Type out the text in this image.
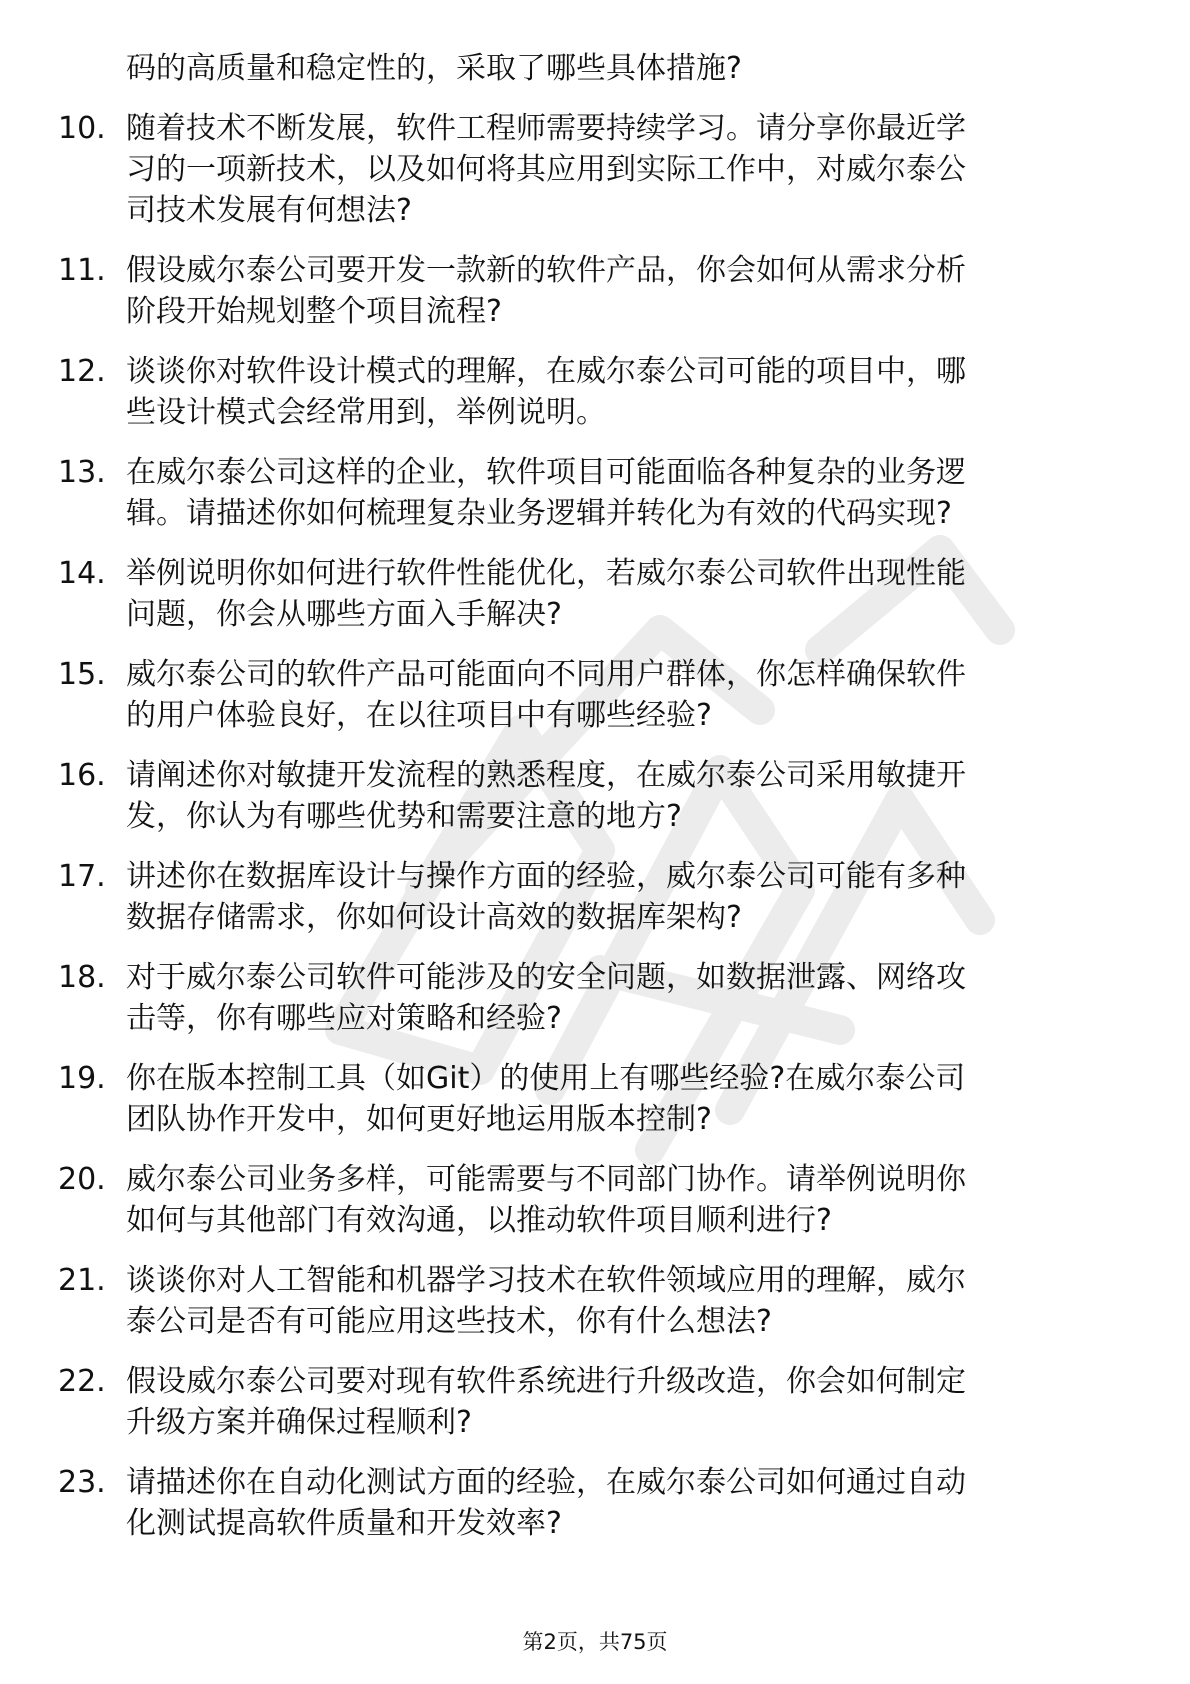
码的高质量和稳定性的，采取了哪些具体措施?

10. 随着技术不断发展，软件工程师需要持续学习。请分享你最近学
习的一项新技术，以及如何将其应用到实际工作中，对威尔泰公
司技术发展有何想法?
11. 假设威尔泰公司要开发一款新的软件产品，你会如何从需求分析
阶段开始规划整个项目流程?
12. 谈谈你对软件设计模式的理解，在威尔泰公司可能的项目中，哪
些设计模式会经常用到，举例说明。
13. 在威尔泰公司这样的企业，软件项目可能面临各种复杂的业务逻
辑。请描述你如何梳理复杂业务逻辑并转化为有效的代码实现?
14. 举例说明你如何进行软件性能优化，若威尔泰公司软件出现性能
问题，你会从哪些方面入手解决?
15. 威尔泰公司的软件产品可能面向不同用户群体，你怎样确保软件
的用户体验良好，在以往项目中有哪些经验?
16. 请阐述你对敏捷开发流程的熟悉程度，在威尔泰公司采用敏捷开
发，你认为有哪些优势和需要注意的地方?
17. 讲述你在数据库设计与操作方面的经验，威尔泰公司可能有多种
数据存储需求，你如何设计高效的数据库架构?
18. 对于威尔泰公司软件可能涉及的安全问题，如数据泄露、网络攻
击等，你有哪些应对策略和经验?
19. 你在版本控制工具（如Git）的使用上有哪些经验?在威尔泰公司
团队协作开发中，如何更好地运用版本控制?
20. 威尔泰公司业务多样，可能需要与不同部门协作。请举例说明你
如何与其他部门有效沟通，以推动软件项目顺利进行?
21. 谈谈你对人工智能和机器学习技术在软件领域应用的理解，威尔
泰公司是否有可能应用这些技术，你有什么想法?
22. 假设威尔泰公司要对现有软件系统进行升级改造，你会如何制定
升级方案并确保过程顺利?
23. 请描述你在自动化测试方面的经验，在威尔泰公司如何通过自动
化测试提高软件质量和开发效率?
第2页，共75页
